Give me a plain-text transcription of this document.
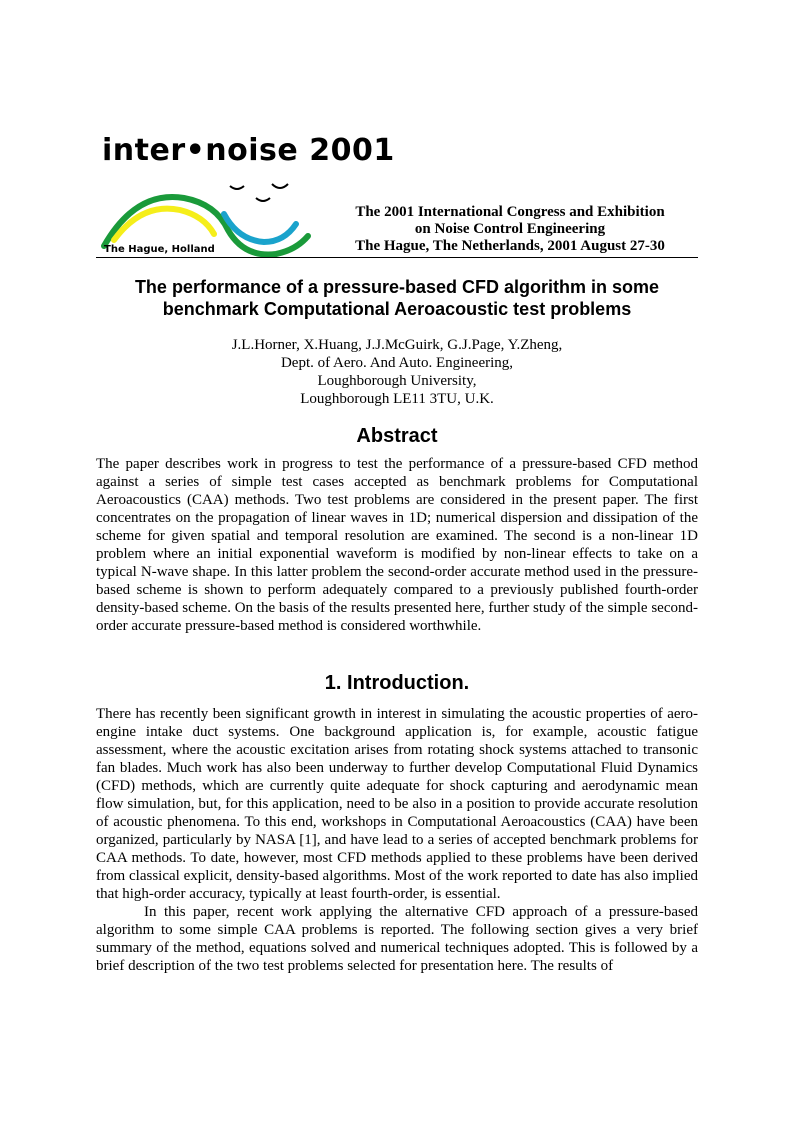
inter•noise 2001
The Hague, Holland
The 2001 International Congress and Exhibition
on Noise Control Engineering
The Hague, The Netherlands, 2001 August 27-30
The performance of a pressure-based CFD algorithm in some
benchmark Computational Aeroacoustic test problems
J.L.Horner, X.Huang, J.J.McGuirk, G.J.Page, Y.Zheng,
Dept. of Aero. And Auto. Engineering,
Loughborough University,
Loughborough LE11 3TU, U.K.
Abstract

The paper describes work in progress to test the performance of a pressure-based CFD method against a series of simple test cases accepted as benchmark problems for Computational Aeroacoustics (CAA) methods. Two test problems are considered in the present paper. The first concentrates on the propagation of linear waves in 1D; numerical dispersion and dissipation of the scheme for given spatial and temporal resolution are examined. The second is a non-linear 1D problem where an initial exponential waveform is modified by non-linear effects to take on a typical N-wave shape. In this latter problem the second-order accurate method used in the pressure-based scheme is shown to perform adequately compared to a previously published fourth-order density-based scheme. On the basis of the results presented here, further study of the simple second-order accurate pressure-based method is considered worthwhile.

1. Introduction.

There has recently been significant growth in interest in simulating the acoustic properties of aero-engine intake duct systems. One background application is, for example, acoustic fatigue assessment, where the acoustic excitation arises from rotating shock systems attached to transonic fan blades. Much work has also been underway to further develop Computational Fluid Dynamics (CFD) methods, which are currently quite adequate for shock capturing and aerodynamic mean flow simulation, but, for this application, need to be also in a position to provide accurate resolution of acoustic phenomena. To this end, workshops in Computational Aeroacoustics (CAA) have been organized, particularly by NASA [1], and have lead to a series of accepted benchmark problems for CAA methods. To date, however, most CFD methods applied to these problems have been derived from classical explicit, density-based algorithms. Most of the work reported to date has also implied that high-order accuracy, typically at least fourth-order, is essential.

In this paper, recent work applying the alternative CFD approach of a pressure-based algorithm to some simple CAA problems is reported. The following section gives a very brief summary of the method, equations solved and numerical techniques adopted. This is followed by a brief description of the two test problems selected for presentation here. The results of
